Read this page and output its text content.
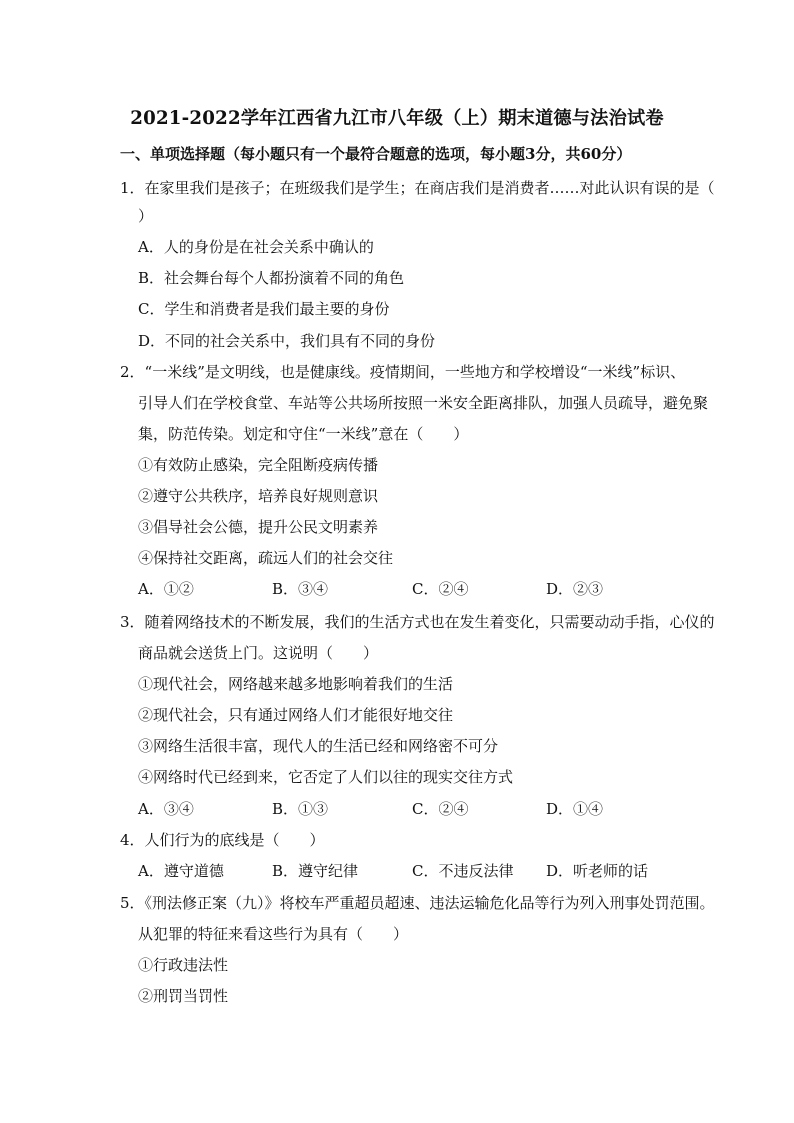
2021-2022学年江西省九江市八年级（上）期末道德与法治试卷
一、单项选择题（每小题只有一个最符合题意的选项，每小题3分，共60分）
1．在家里我们是孩子；在班级我们是学生；在商店我们是消费者……对此认识有误的是（
）
A．人的身份是在社会关系中确认的
B．社会舞台每个人都扮演着不同的角色
C．学生和消费者是我们最主要的身份
D．不同的社会关系中，我们具有不同的身份
2．“一米线”是文明线，也是健康线。疫情期间，一些地方和学校增设“一米线”标识、
引导人们在学校食堂、车站等公共场所按照一米安全距离排队，加强人员疏导，避免聚
集，防范传染。划定和守住“一米线”意在（　　）
①有效防止感染，完全阻断疫病传播
②遵守公共秩序，培养良好规则意识
③倡导社会公德，提升公民文明素养
④保持社交距离，疏远人们的社会交往
A．①②	B．③④	C．②④	D．②③
3．随着网络技术的不断发展，我们的生活方式也在发生着变化，只需要动动手指，心仪的
商品就会送货上门。这说明（　　）
①现代社会，网络越来越多地影响着我们的生活
②现代社会，只有通过网络人们才能很好地交往
③网络生活很丰富，现代人的生活已经和网络密不可分
④网络时代已经到来，它否定了人们以往的现实交往方式
A．③④	B．①③	C．②④	D．①④
4．人们行为的底线是（　　）
A．遵守道德	B．遵守纪律	C．不违反法律 D．听老师的话
5．《刑法修正案（九）》将校车严重超员超速、违法运输危化品等行为列入刑事处罚范围。
从犯罪的特征来看这些行为具有（　　）
①行政违法性
②刑罚当罚性
